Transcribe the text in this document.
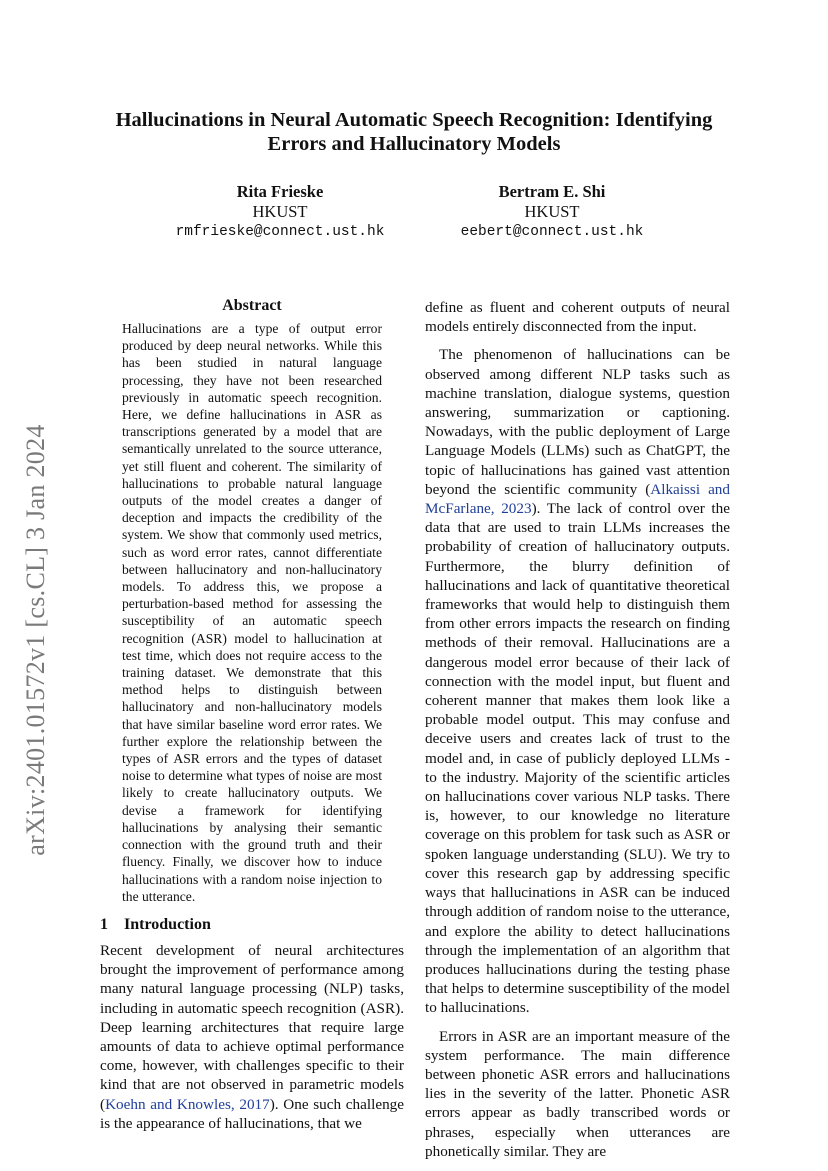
arXiv:2401.01572v1 [cs.CL] 3 Jan 2024
Hallucinations in Neural Automatic Speech Recognition: Identifying Errors and Hallucinatory Models
Rita Frieske
HKUST
rmfrieske@connect.ust.hk
Bertram E. Shi
HKUST
eebert@connect.ust.hk
Abstract

Hallucinations are a type of output error produced by deep neural networks. While this has been studied in natural language processing, they have not been researched previously in automatic speech recognition. Here, we define hallucinations in ASR as transcriptions generated by a model that are semantically unrelated to the source utterance, yet still fluent and coherent. The similarity of hallucinations to probable natural language outputs of the model creates a danger of deception and impacts the credibility of the system. We show that commonly used metrics, such as word error rates, cannot differentiate between hallucinatory and non-hallucinatory models. To address this, we propose a perturbation-based method for assessing the susceptibility of an automatic speech recognition (ASR) model to hallucination at test time, which does not require access to the training dataset. We demonstrate that this method helps to distinguish between hallucinatory and non-hallucinatory models that have similar baseline word error rates. We further explore the relationship between the types of ASR errors and the types of dataset noise to determine what types of noise are most likely to create hallucinatory outputs. We devise a framework for identifying hallucinations by analysing their semantic connection with the ground truth and their fluency. Finally, we discover how to induce hallucinations with a random noise injection to the utterance.

1 Introduction

Recent development of neural architectures brought the improvement of performance among many natural language processing (NLP) tasks, including in automatic speech recognition (ASR). Deep learning architectures that require large amounts of data to achieve optimal performance come, however, with challenges specific to their kind that are not observed in parametric models (Koehn and Knowles, 2017). One such challenge is the appearance of hallucinations, that we

define as fluent and coherent outputs of neural models entirely disconnected from the input.

The phenomenon of hallucinations can be observed among different NLP tasks such as machine translation, dialogue systems, question answering, summarization or captioning. Nowadays, with the public deployment of Large Language Models (LLMs) such as ChatGPT, the topic of hallucinations has gained vast attention beyond the scientific community (Alkaissi and McFarlane, 2023). The lack of control over the data that are used to train LLMs increases the probability of creation of hallucinatory outputs. Furthermore, the blurry definition of hallucinations and lack of quantitative theoretical frameworks that would help to distinguish them from other errors impacts the research on finding methods of their removal. Hallucinations are a dangerous model error because of their lack of connection with the model input, but fluent and coherent manner that makes them look like a probable model output. This may confuse and deceive users and creates lack of trust to the model and, in case of publicly deployed LLMs - to the industry. Majority of the scientific articles on hallucinations cover various NLP tasks. There is, however, to our knowledge no literature coverage on this problem for task such as ASR or spoken language understanding (SLU). We try to cover this research gap by addressing specific ways that hallucinations in ASR can be induced through addition of random noise to the utterance, and explore the ability to detect hallucinations through the implementation of an algorithm that produces hallucinations during the testing phase that helps to determine susceptibility of the model to hallucinations.

Errors in ASR are an important measure of the system performance. The main difference between phonetic ASR errors and hallucinations lies in the severity of the latter. Phonetic ASR errors appear as badly transcribed words or phrases, especially when utterances are phonetically similar. They are
